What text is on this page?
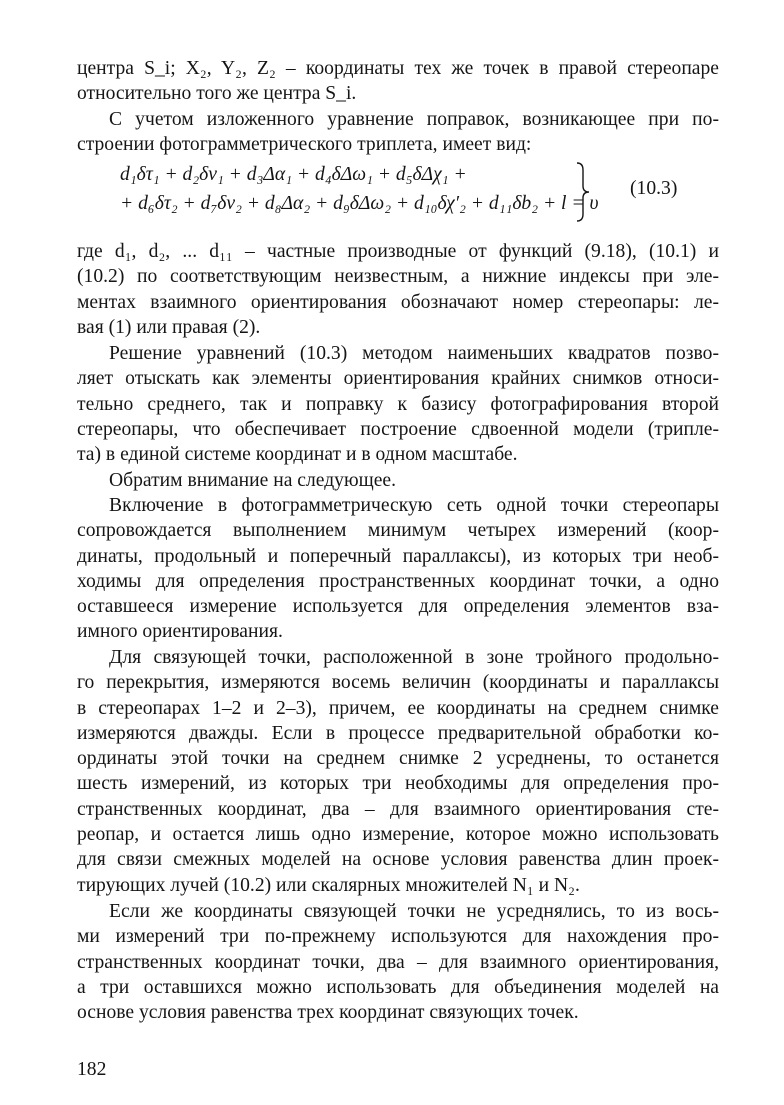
центра S_i; X₂, Y₂, Z₂ – координаты тех же точек в правой стереопаре
относительно того же центра S_i.
С учетом изложенного уравнение поправок, возникающее при по-
строении фотограмметрического триплета, имеет вид:
d₁δτ₁ + d₂δν₁ + d₃Δα₁ + d₄δΔω₁ + d₅δΔχ₁ +
+ d₆δτ₂ + d₇δν₂ + d₈Δα₂ + d₉δΔω₂ + d₁₀δχ′₂ + d₁₁δb₂ + l = υ
(10.3)
где d₁, d₂, ... d₁₁ – частные производные от функций (9.18), (10.1) и
(10.2) по соответствующим неизвестным, а нижние индексы при эле-
ментах взаимного ориентирования обозначают номер стереопары: ле-
вая (1) или правая (2).
Решение уравнений (10.3) методом наименьших квадратов позво-
ляет отыскать как элементы ориентирования крайних снимков относи-
тельно среднего, так и поправку к базису фотографирования второй
стереопары, что обеспечивает построение сдвоенной модели (трипле-
та) в единой системе координат и в одном масштабе.
Обратим внимание на следующее.
Включение в фотограмметрическую сеть одной точки стереопары
сопровождается выполнением минимум четырех измерений (коор-
динаты, продольный и поперечный параллаксы), из которых три необ-
ходимы для определения пространственных координат точки, а одно
оставшееся измерение используется для определения элементов вза-
имного ориентирования.
Для связующей точки, расположенной в зоне тройного продольно-
го перекрытия, измеряются восемь величин (координаты и параллаксы
в стереопарах 1–2 и 2–3), причем, ее координаты на среднем снимке
измеряются дважды. Если в процессе предварительной обработки ко-
ординаты этой точки на среднем снимке 2 усреднены, то останется
шесть измерений, из которых три необходимы для определения про-
странственных координат, два – для взаимного ориентирования сте-
реопар, и остается лишь одно измерение, которое можно использовать
для связи смежных моделей на основе условия равенства длин проек-
тирующих лучей (10.2) или скалярных множителей N₁ и N₂.
Если же координаты связующей точки не усреднялись, то из вось-
ми измерений три по-прежнему используются для нахождения про-
странственных координат точки, два – для взаимного ориентирования,
а три оставшихся можно использовать для объединения моделей на
основе условия равенства трех координат связующих точек.

182
